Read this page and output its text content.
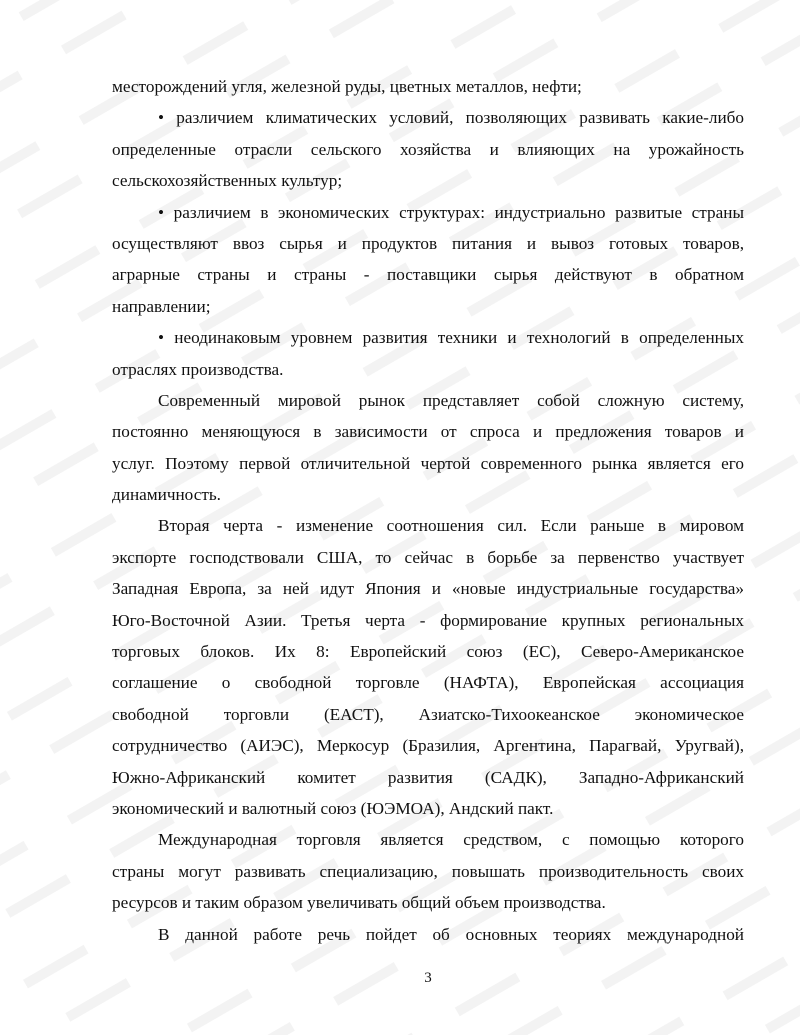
месторождений угля, железной руды, цветных металлов, нефти;
• различием климатических условий, позволяющих развивать какие-либо
определенные отрасли сельского хозяйства и влияющих на урожайность
сельскохозяйственных культур;
• различием в экономических структурах: индустриально развитые страны
осуществляют ввоз сырья и продуктов питания и вывоз готовых товаров,
аграрные страны и страны - поставщики сырья действуют в обратном
направлении;
• неодинаковым уровнем развития техники и технологий в определенных
отраслях производства.
Современный мировой рынок представляет собой сложную систему,
постоянно меняющуюся в зависимости от спроса и предложения товаров и
услуг. Поэтому первой отличительной чертой современного рынка является его
динамичность.
Вторая черта - изменение соотношения сил. Если раньше в мировом
экспорте господствовали США, то сейчас в борьбе за первенство участвует
Западная Европа, за ней идут Япония и «новые индустриальные государства»
Юго-Восточной Азии. Третья черта - формирование крупных региональных
торговых блоков. Их 8: Европейский союз (ЕС), Северо-Американское
соглашение о свободной торговле (НАФТА), Европейская ассоциация
свободной торговли (ЕАСТ), Азиатско-Тихоокеанское экономическое
сотрудничество (АИЭС), Меркосур (Бразилия, Аргентина, Парагвай, Уругвай),
Южно-Африканский комитет развития (САДК), Западно-Африканский
экономический и валютный союз (ЮЭМОА), Андский пакт.
Международная торговля является средством, с помощью которого
страны могут развивать специализацию, повышать производительность своих
ресурсов и таким образом увеличивать общий объем производства.
В данной работе речь пойдет об основных теориях международной
3
